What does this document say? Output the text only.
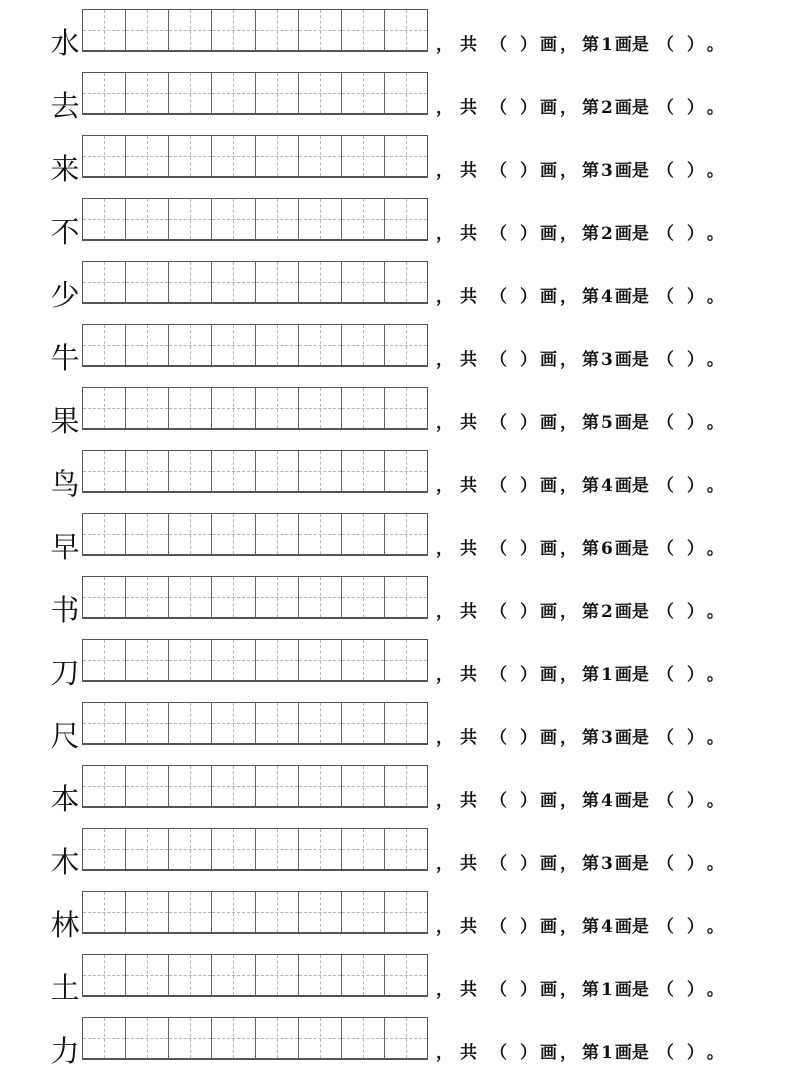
水	， 共 （ ） 画 ， 第 1 画是 （ ） 。
去	， 共 （ ） 画 ， 第 2 画是 （ ） 。
来	， 共 （ ） 画 ， 第 3 画是 （ ） 。
不	， 共 （ ） 画 ， 第 2 画是 （ ） 。
少	， 共 （ ） 画 ， 第 4 画是 （ ） 。
牛	， 共 （ ） 画 ， 第 3 画是 （ ） 。
果	， 共 （ ） 画 ， 第 5 画是 （ ） 。
鸟	， 共 （ ） 画 ， 第 4 画是 （ ） 。
早	， 共 （ ） 画 ， 第 6 画是 （ ） 。
书	， 共 （ ） 画 ， 第 2 画是 （ ） 。
刀	， 共 （ ） 画 ， 第 1 画是 （ ） 。
尺	， 共 （ ） 画 ， 第 3 画是 （ ） 。
本	， 共 （ ） 画 ， 第 4 画是 （ ） 。
木	， 共 （ ） 画 ， 第 3 画是 （ ） 。
林	， 共 （ ） 画 ， 第 4 画是 （ ） 。
土	， 共 （ ） 画 ， 第 1 画是 （ ） 。
力	， 共 （ ） 画 ， 第 1 画是 （ ） 。
